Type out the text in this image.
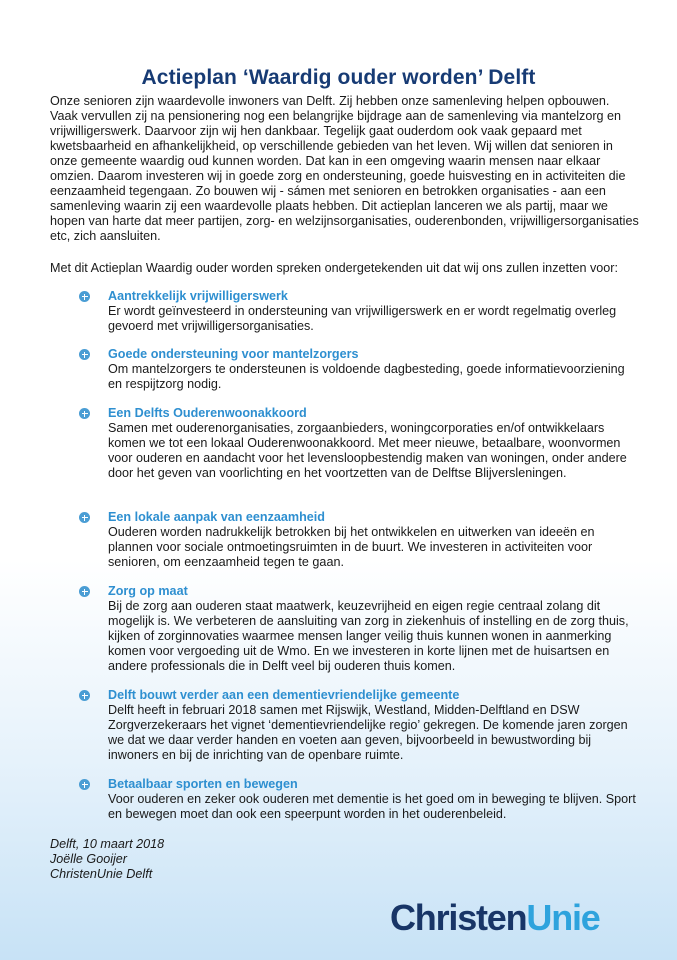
Actieplan ‘Waardig ouder worden’ Delft

Onze senioren zijn waardevolle inwoners van Delft. Zij hebben onze samenleving helpen opbouwen. Vaak vervullen zij na pensionering nog een belangrijke bijdrage aan de samenleving via mantelzorg en vrijwilligerswerk. Daarvoor zijn wij hen dankbaar. Tegelijk gaat ouderdom ook vaak gepaard met kwetsbaarheid en afhankelijkheid, op verschillende gebieden van het leven. Wij willen dat senioren in onze gemeente waardig oud kunnen worden. Dat kan in een omgeving waarin mensen naar elkaar omzien. Daarom investeren wij in goede zorg en ondersteuning, goede huisvesting en in activiteiten die eenzaamheid tegengaan. Zo bouwen wij - sámen met senioren en betrokken organisaties - aan een samenleving waarin zij een waardevolle plaats hebben. Dit actieplan lanceren we als partij, maar we hopen van harte dat meer partijen, zorg- en welzijnsorganisaties, ouderenbonden, vrijwilligersorganisaties etc, zich aansluiten.

Met dit Actieplan Waardig ouder worden spreken ondergetekenden uit dat wij ons zullen inzetten voor:

Aantrekkelijk vrijwilligerswerk

Er wordt geïnvesteerd in ondersteuning van vrijwilligerswerk en er wordt regelmatig overleg gevoerd met vrijwilligersorganisaties.

Goede ondersteuning voor mantelzorgers

Om mantelzorgers te ondersteunen is voldoende dagbesteding, goede informatievoorziening en respijtzorg nodig.

Een Delfts Ouderenwoonakkoord

Samen met ouderenorganisaties, zorgaanbieders, woningcorporaties en/of ontwikkelaars komen we tot een lokaal Ouderenwoonakkoord. Met meer nieuwe, betaalbare, woonvormen voor ouderen en aandacht voor het levensloopbestendig maken van woningen, onder andere door het geven van voorlichting en het voortzetten van de Delftse Blijversleningen.

Een lokale aanpak van eenzaamheid

Ouderen worden nadrukkelijk betrokken bij het ontwikkelen en uitwerken van ideeën en plannen voor sociale ontmoetingsruimten in de buurt. We investeren in activiteiten voor senioren, om eenzaamheid tegen te gaan.

Zorg op maat

Bij de zorg aan ouderen staat maatwerk, keuzevrijheid en eigen regie centraal zolang dit mogelijk is. We verbeteren de aansluiting van zorg in ziekenhuis of instelling en de zorg thuis, kijken of zorginnovaties waarmee mensen langer veilig thuis kunnen wonen in aanmerking komen voor vergoeding uit de Wmo. En we investeren in korte lijnen met de huisartsen en andere professionals die in Delft veel bij ouderen thuis komen.

Delft bouwt verder aan een dementievriendelijke gemeente

Delft heeft in februari 2018 samen met Rijswijk, Westland, Midden-Delftland en DSW Zorgverzekeraars het vignet ‘dementievriendelijke regio’ gekregen. De komende jaren zorgen we dat we daar verder handen en voeten aan geven, bijvoorbeeld in bewustwording bij inwoners en bij de inrichting van de openbare ruimte.

Betaalbaar sporten en bewegen

Voor ouderen en zeker ook ouderen met dementie is het goed om in beweging te blijven. Sport en bewegen moet dan ook een speerpunt worden in het ouderenbeleid.

Delft, 10 maart 2018
Joëlle Gooijer
ChristenUnie Delft
ChristenUnie
